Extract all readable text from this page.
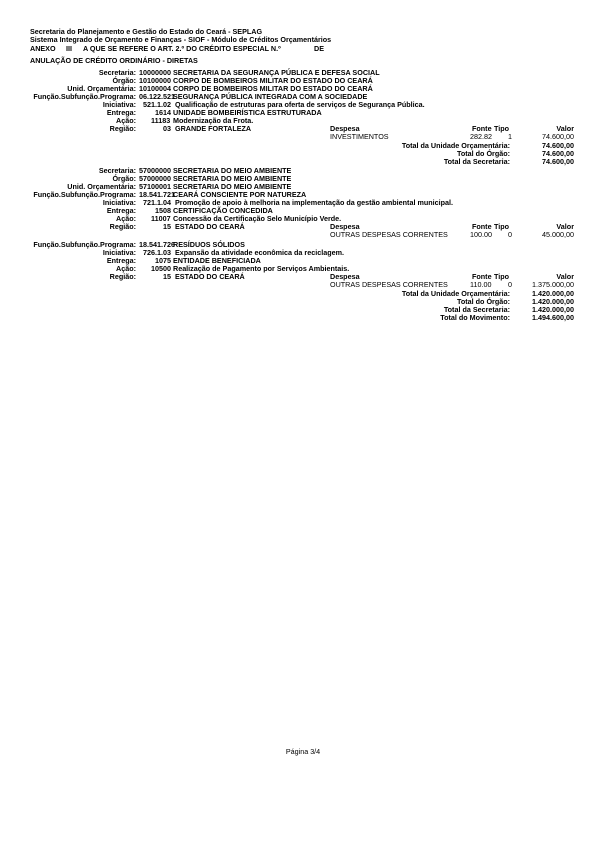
Secretaria do Planejamento e Gestão do Estado do Ceará - SEPLAG
Sistema Integrado de Orçamento e Finanças - SIOF - Módulo de Créditos Orçamentários
ANEXO III A QUE SE REFERE O ART. 2.º DO CRÉDITO ESPECIAL N.º	DE
ANULAÇÃO DE CRÉDITO ORDINÁRIO - DIRETAS
Secretaria: 10000000 SECRETARIA DA SEGURANÇA PÚBLICA E DEFESA SOCIAL
Órgão: 10100000 CORPO DE BOMBEIROS MILITAR DO ESTADO DO CEARÁ
Unid. Orçamentária: 10100004 CORPO DE BOMBEIROS MILITAR DO ESTADO DO CEARÁ
Função.Subfunção.Programa: 06.122.521
SEGURANÇA PÚBLICA INTEGRADA COM A SOCIEDADE
Iniciativa: 521.1.02 Qualificação de estruturas para oferta de serviços de Segurança Pública.
Entrega:	1614 UNIDADE BOMBEIRÍSTICA ESTRUTURADA
Ação: 11183 Modernização da Frota.
Região:	03 GRANDE FORTALEZA	Despesa	Fonte Tipo	Valor
INVESTIMENTOS	282.82 1	74.600,00
Total da Unidade Orçamentária:	74.600,00
Total do Órgão:	74.600,00
Total da Secretaria:	74.600,00
Secretaria: 57000000 SECRETARIA DO MEIO AMBIENTE
Órgão: 57000000 SECRETARIA DO MEIO AMBIENTE
Unid. Orçamentária: 57100001 SECRETARIA DO MEIO AMBIENTE
Função.Subfunção.Programa: 18.541.721
CEARÁ CONSCIENTE POR NATUREZA
Iniciativa: 721.1.04 Promoção de apoio à melhoria na implementação da gestão ambiental municipal.
Entrega:	1508 CERTIFICAÇÃO CONCEDIDA
Ação: 11007 Concessão da Certificação Selo Município Verde.
Região:	15 ESTADO DO CEARÁ	Despesa	Fonte Tipo	Valor
OUTRAS DESPESAS CORRENTES	100.00 0	45.000,00
Função.Subfunção.Programa: 18.541.726
RESÍDUOS SÓLIDOS
Iniciativa: 726.1.03 Expansão da atividade econômica da reciclagem.
Entrega:	1075 ENTIDADE BENEFICIADA
Ação: 10500 Realização de Pagamento por Serviços Ambientais.
Região:	15 ESTADO DO CEARÁ	Despesa	Fonte Tipo	Valor
OUTRAS DESPESAS CORRENTES	110.00 0	1.375.000,00
Total da Unidade Orçamentária:	1.420.000,00
Total do Órgão:	1.420.000,00
Total da Secretaria:	1.420.000,00
Total do Movimento:	1.494.600,00
Página 3/4
